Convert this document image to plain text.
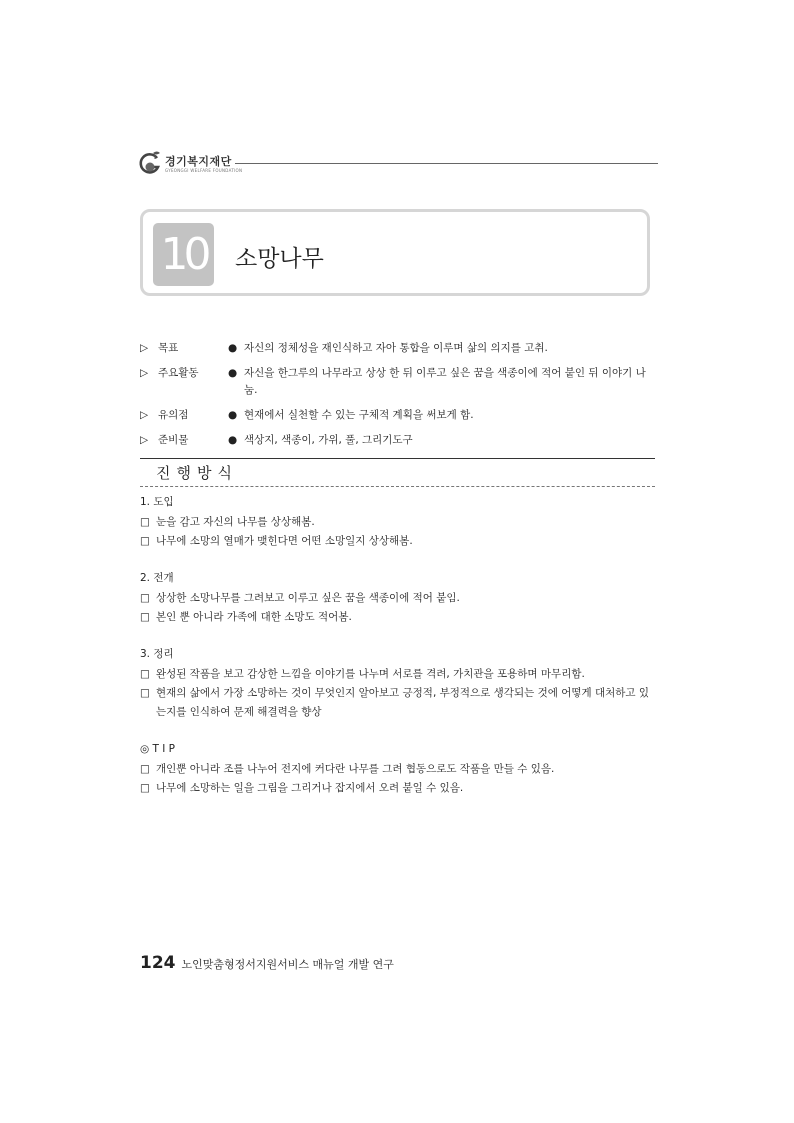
경기복지재단
GYEONGGI WELFARE FOUNDATION
10	소망나무
▷ 목표	● 자신의 정체성을 재인식하고 자아 통합을 이루며 삶의 의지를 고취.
▷ 주요활동	● 자신을 한그루의 나무라고 상상 한 뒤 이루고 싶은 꿈을 색종이에 적어 붙인 뒤 이야기 나눔.
▷ 유의점	● 현재에서 실천할 수 있는 구체적 계획을 써보게 함.
▷ 준비물	● 색상지, 색종이, 가위, 풀, 그리기도구
진행방식
1. 도입
□ 눈을 감고 자신의 나무를 상상해봄.
□ 나무에 소망의 열매가 맺힌다면 어떤 소망일지 상상해봄.
2. 전개
□ 상상한 소망나무를 그려보고 이루고 싶은 꿈을 색종이에 적어 붙임.
□ 본인 뿐 아니라 가족에 대한 소망도 적어봄.
3. 정리
□ 완성된 작품을 보고 감상한 느낌을 이야기를 나누며 서로를 격려, 가치관을 포용하며 마무리함.
□ 현재의 삶에서 가장 소망하는 것이 무엇인지 알아보고 긍정적, 부정적으로 생각되는 것에 어떻게 대처하고 있는지를 인식하여 문제 해결력을 향상
◎ T I P
□ 개인뿐 아니라 조를 나누어 전지에 커다란 나무를 그려 협동으로도 작품을 만들 수 있음.
□ 나무에 소망하는 일을 그림을 그리거나 잡지에서 오려 붙일 수 있음.
124 노인맞춤형정서지원서비스 매뉴얼 개발 연구
